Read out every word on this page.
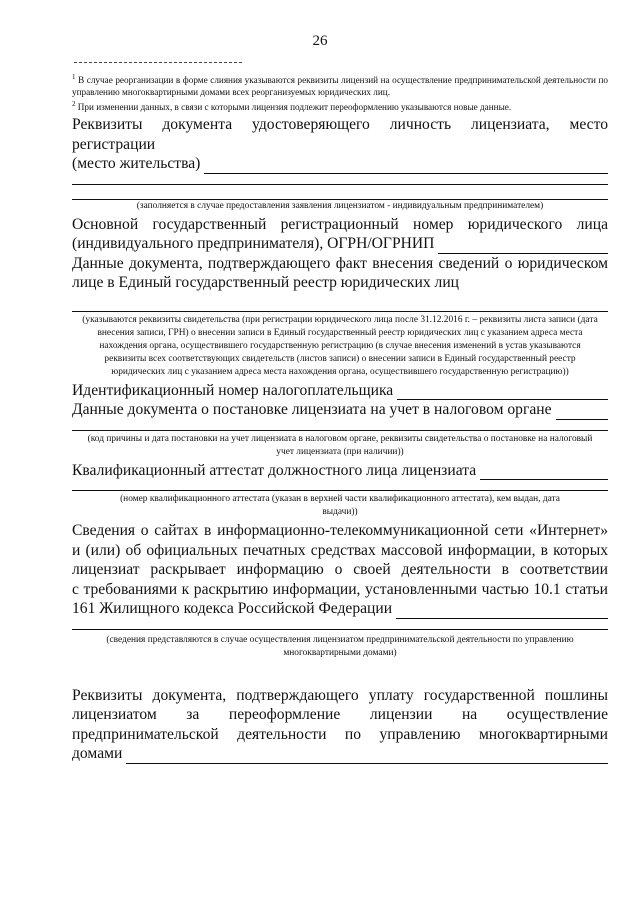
26
$^1$ В случае реорганизации в форме слияния указываются реквизиты лицензий на осуществление предпринимательской деятельности по управлению многоквартирными домами всех реорганизуемых юридических лиц.
$^2$ При изменении данных, в связи с которыми лицензия подлежит переоформлению указываются новые данные.
Реквизиты документа удостоверяющего личность лицензиата, место регистрации
(место жительства)
(заполняется в случае предоставления заявления лицензиатом - индивидуальным предпринимателем)
Основной государственный регистрационный номер юридического лица
(индивидуального предпринимателя), ОГРН/ОГРНИП
Данные документа, подтверждающего факт внесения сведений о юридическом
лице в Единый государственный реестр юридических лиц
(указываются реквизиты свидетельства (при регистрации юридического лица после 31.12.2016 г. – реквизиты листа записи (дата внесения записи, ГРН) о внесении записи в Единый государственный реестр юридических лиц с указанием адреса места нахождения органа, осуществившего государственную регистрацию (в случае внесения изменений в устав указываются реквизиты всех соответствующих свидетельств (листов записи) о внесении записи в Единый государственный реестр юридических лиц с указанием адреса места нахождения органа, осуществившего государственную регистрацию))
Идентификационный номер налогоплательщика
Данные документа о постановке лицензиата на учет в налоговом органе
(код причины и дата постановки на учет лицензиата в налоговом органе, реквизиты свидетельства о постановке на налоговый учет лицензиата (при наличии))
Квалификационный аттестат должностного лица лицензиата
(номер квалификационного аттестата (указан в верхней части квалификационного аттестата), кем выдан, дата выдачи))
Сведения о сайтах в информационно-телекоммуникационной сети «Интернет»
и (или) об официальных печатных средствах массовой информации, в которых
лицензиат раскрывает информацию о своей деятельности в соответствии
с требованиями к раскрытию информации, установленными частью 10.1 статьи
161 Жилищного кодекса Российской Федерации
(сведения представляются в случае осуществления лицензиатом предпринимательской деятельности по управлению многоквартирными домами)
Реквизиты документа, подтверждающего уплату государственной пошлины
лицензиатом за переоформление лицензии на осуществление
предпринимательской деятельности по управлению многоквартирными
домами
